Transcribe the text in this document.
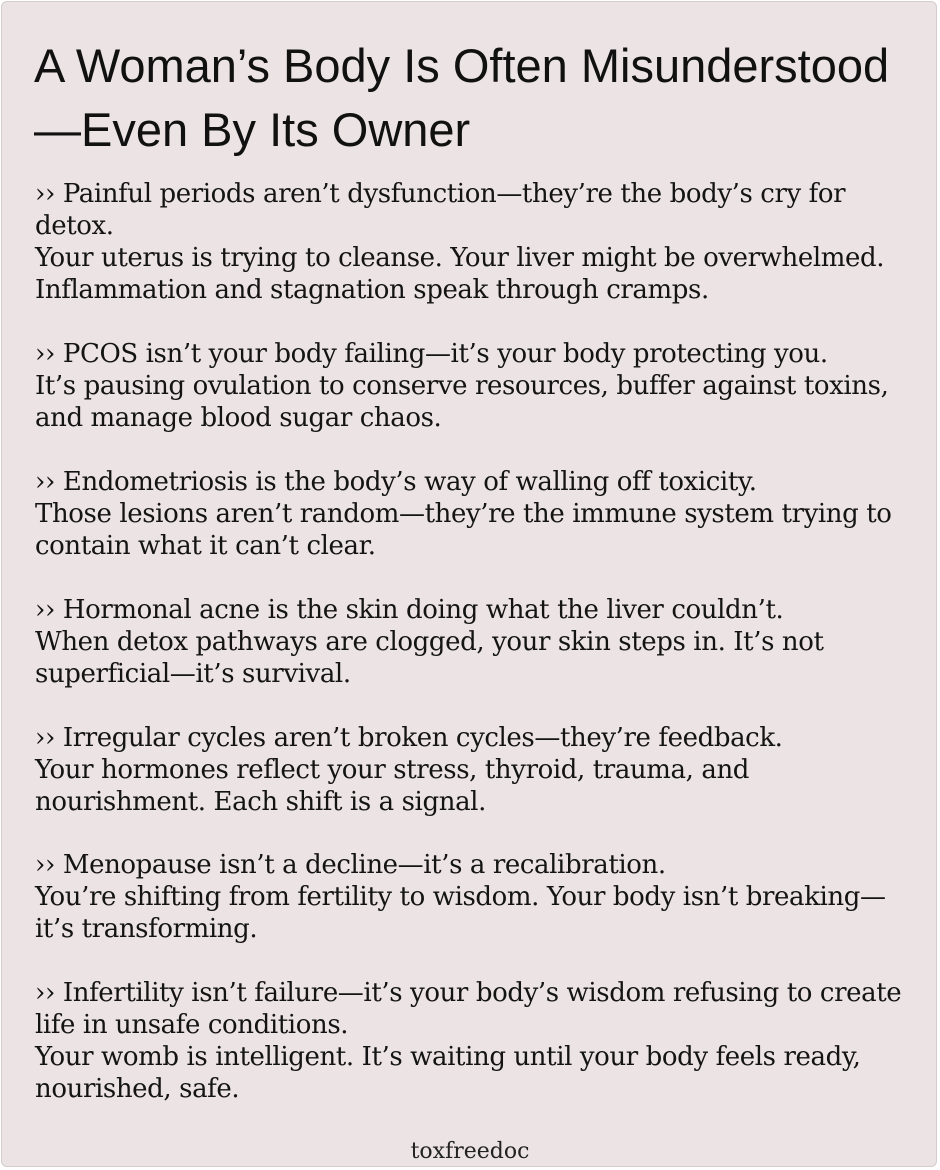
A Woman’s Body Is Often Misunderstood—Even By Its Owner

›› Painful periods aren’t dysfunction—they’re the body’s cry for detox.

Your uterus is trying to cleanse. Your liver might be overwhelmed. Inflammation and stagnation speak through cramps.

›› PCOS isn’t your body failing—it’s your body protecting you.

It’s pausing ovulation to conserve resources, buffer against toxins, and manage blood sugar chaos.

›› Endometriosis is the body’s way of walling off toxicity.

Those lesions aren’t random—they’re the immune system trying to contain what it can’t clear.

›› Hormonal acne is the skin doing what the liver couldn’t.

When detox pathways are clogged, your skin steps in. It’s not superficial—it’s survival.

›› Irregular cycles aren’t broken cycles—they’re feedback.

Your hormones reflect your stress, thyroid, trauma, and nourishment. Each shift is a signal.

›› Menopause isn’t a decline—it’s a recalibration.

You’re shifting from fertility to wisdom. Your body isn’t breaking—it’s transforming.

›› Infertility isn’t failure—it’s your body’s wisdom refusing to create life in unsafe conditions.

Your womb is intelligent. It’s waiting until your body feels ready, nourished, safe.

toxfreedoc
